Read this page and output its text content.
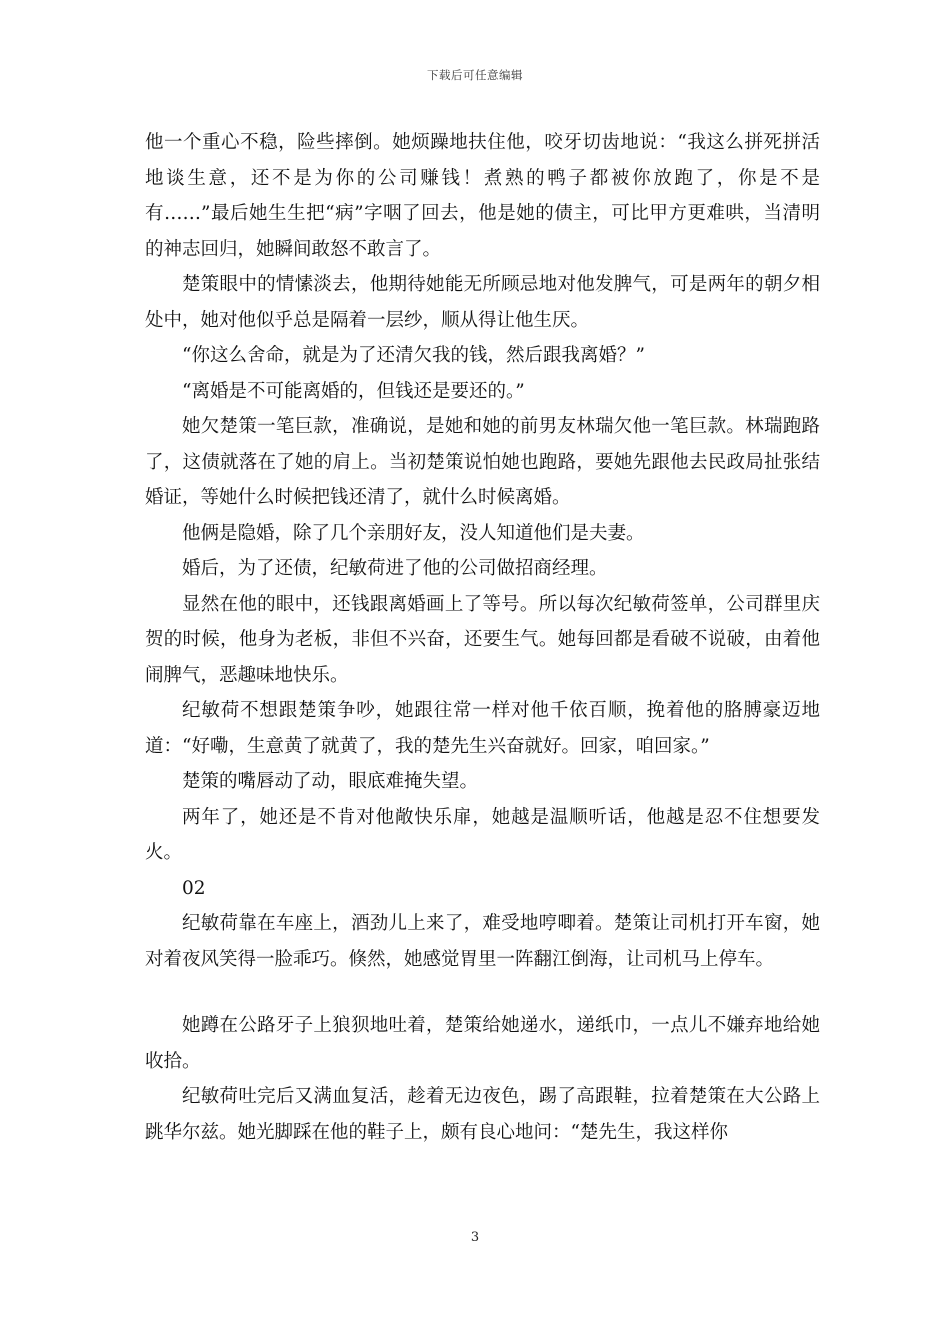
下载后可任意编辑

他一个重心不稳，险些摔倒。她烦躁地扶住他，咬牙切齿地说：“我这么拼死拼活地谈生意，还不是为你的公司赚钱！煮熟的鸭子都被你放跑了，你是不是有……”最后她生生把“病”字咽了回去，他是她的债主，可比甲方更难哄，当清明的神志回归，她瞬间敢怒不敢言了。

楚策眼中的情愫淡去，他期待她能无所顾忌地对他发脾气，可是两年的朝夕相处中，她对他似乎总是隔着一层纱，顺从得让他生厌。

“你这么舍命，就是为了还清欠我的钱，然后跟我离婚？”

“离婚是不可能离婚的，但钱还是要还的。”

她欠楚策一笔巨款，准确说，是她和她的前男友林瑞欠他一笔巨款。林瑞跑路了，这债就落在了她的肩上。当初楚策说怕她也跑路，要她先跟他去民政局扯张结婚证，等她什么时候把钱还清了，就什么时候离婚。

他俩是隐婚，除了几个亲朋好友，没人知道他们是夫妻。

婚后，为了还债，纪敏荷进了他的公司做招商经理。

显然在他的眼中，还钱跟离婚画上了等号。所以每次纪敏荷签单，公司群里庆贺的时候，他身为老板，非但不兴奋，还要生气。她每回都是看破不说破，由着他闹脾气，恶趣味地快乐。

纪敏荷不想跟楚策争吵，她跟往常一样对他千依百顺，挽着他的胳膊豪迈地道：“好嘞，生意黄了就黄了，我的楚先生兴奋就好。回家，咱回家。”

楚策的嘴唇动了动，眼底难掩失望。

两年了，她还是不肯对他敞快乐扉，她越是温顺听话，他越是忍不住想要发火。

02

纪敏荷靠在车座上，酒劲儿上来了，难受地哼唧着。楚策让司机打开车窗，她对着夜风笑得一脸乖巧。倏然，她感觉胃里一阵翻江倒海，让司机马上停车。

她蹲在公路牙子上狼狈地吐着，楚策给她递水，递纸巾，一点儿不嫌弃地给她收拾。

纪敏荷吐完后又满血复活，趁着无边夜色，踢了高跟鞋，拉着楚策在大公路上跳华尔兹。她光脚踩在他的鞋子上，颇有良心地问：“楚先生，我这样你

3
